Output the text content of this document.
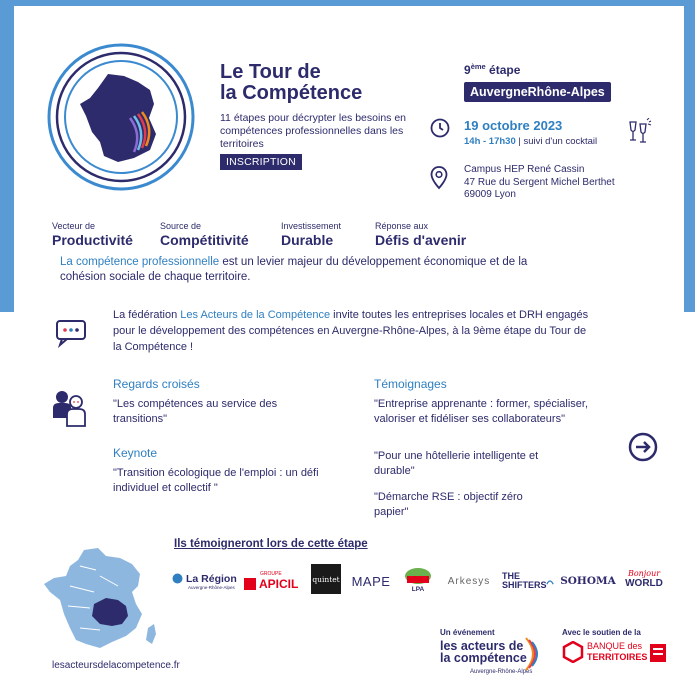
Le Tour de
la Compétence
11 étapes pour décrypter les besoins en compétences professionnelles dans les territoires
INSCRIPTION
9ème étape
AuvergneRhône-Alpes
19 octobre 2023
14h - 17h30 | suivi d'un cocktail
Campus HEP René Cassin
47 Rue du Sergent Michel Berthet
69009 Lyon
Vecteur de
Productivité
Source de
Compétitivité
Investissement
Durable
Réponse aux
Défis d'avenir
La compétence professionnelle est un levier majeur du développement économique et de la cohésion sociale de chaque territoire.
La fédération Les Acteurs de la Compétence invite toutes les entreprises locales et DRH engagés pour le développement des compétences en Auvergne-Rhône-Alpes, à la 9ème étape du Tour de la Compétence !
Regards croisés
"Les compétences au service des transitions"
Keynote
"Transition écologique de l'emploi : un défi individuel et collectif "
Témoignages
"Entreprise apprenante : former, spécialiser, valoriser et fidéliser ses collaborateurs"
"Pour une hôtellerie intelligente et durable"
"Démarche RSE : objectif zéro papier"
Ils témoigneront lors de cette étape
La Région
Auvergne-Rhône-Alpes
GROUPE
APICIL quintet MAPE
LPA
Arkesys THE SHIFTERS SOHOMA
Bonjour
WORLD
lesacteursdelacompetence.fr
Un événement
les acteurs de
la compétence
Auvergne-Rhône-Alpes
Avec le soutien de la
BANQUE des
TERRITOIRES
